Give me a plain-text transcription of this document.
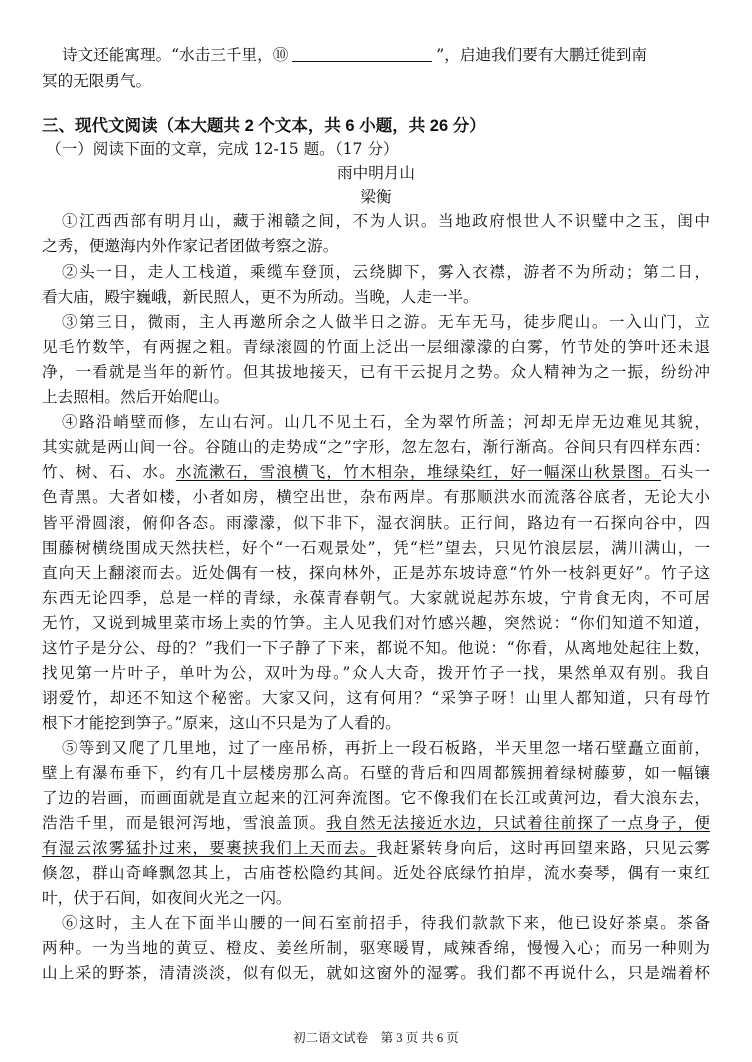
诗文还能寓理。“水击三千里，⑩	”，启迪我们要有大鹏迁徙到南
冥的无限勇气。
三、现代文阅读（本大题共 2 个文本，共 6 小题，共 26 分）
（一）阅读下面的文章，完成 12-15 题。（17 分）
雨中明月山
梁衡
①江西西部有明月山，藏于湘赣之间，不为人识。当地政府恨世人不识璧中之玉，闺中
之秀，便邀海内外作家记者团做考察之游。
②头一日，走人工栈道，乘缆车登顶，云绕脚下，雾入衣襟，游者不为所动；第二日，
看大庙，殿宇巍峨，新民照人，更不为所动。当晚，人走一半。
③第三日，微雨，主人再邀所余之人做半日之游。无车无马，徒步爬山。一入山门，立
见毛竹数竿，有两握之粗。青绿滚圆的竹面上泛出一层细濛濛的白雾，竹节处的笋叶还未退
净，一看就是当年的新竹。但其拔地接天，已有干云捉月之势。众人精神为之一振，纷纷冲
上去照相。然后开始爬山。
④路沿峭壁而修，左山右河。山几不见土石，全为翠竹所盖；河却无岸无边难见其貌，
其实就是两山间一谷。谷随山的走势成“之”字形，忽左忽右，渐行渐高。谷间只有四样东西：
竹、树、石、水。水流漱石，雪浪横飞，竹木相杂，堆绿染红，好一幅深山秋景图。石头一
色青黑。大者如楼，小者如房，横空出世，杂布两岸。有那顺洪水而流落谷底者，无论大小
皆平滑圆滚，俯仰各态。雨濛濛，似下非下，湿衣润肤。正行间，路边有一石探向谷中，四
围藤树横绕围成天然扶栏，好个“一石观景处”，凭“栏”望去，只见竹浪层层，满川满山，一
直向天上翻滚而去。近处偶有一枝，探向林外，正是苏东坡诗意“竹外一枝斜更好”。竹子这
东西无论四季，总是一样的青绿，永葆青春朝气。大家就说起苏东坡，宁肯食无肉，不可居
无竹，又说到城里菜市场上卖的竹笋。主人见我们对竹感兴趣，突然说：“你们知道不知道，
这竹子是分公、母的？”我们一下子静了下来，都说不知。他说：“你看，从离地处起往上数，
找见第一片叶子，单叶为公，双叶为母。”众人大奇，拨开竹子一找，果然单双有别。我自
诩爱竹，却还不知这个秘密。大家又问，这有何用？“采笋子呀！山里人都知道，只有母竹
根下才能挖到笋子。”原来，这山不只是为了人看的。
⑤等到又爬了几里地，过了一座吊桥，再折上一段石板路，半天里忽一堵石壁矗立面前，
壁上有瀑布垂下，约有几十层楼房那么高。石壁的背后和四周都簇拥着绿树藤萝，如一幅镶
了边的岩画，而画面就是直立起来的江河奔流图。它不像我们在长江或黄河边，看大浪东去，
浩浩千里，而是银河泻地，雪浪盖顶。我自然无法接近水边，只试着往前探了一点身子，便
有湿云浓雾猛扑过来，要裹挟我们上天而去。我赶紧转身向后，这时再回望来路，只见云雾
倏忽，群山奇峰飘忽其上，古庙苍松隐约其间。近处谷底绿竹拍岸，流水奏琴，偶有一束红
叶，伏于石间，如夜间火光之一闪。
⑥这时，主人在下面半山腰的一间石室前招手，待我们款款下来，他已设好茶桌。茶备
两种。一为当地的黄豆、橙皮、姜丝所制，驱寒暖胃，咸辣香绵，慢慢入心；而另一种则为
山上采的野茶，清清淡淡，似有似无，就如这窗外的湿雾。我们都不再说什么，只是端着杯
初二语文试卷　第 3 页 共 6 页
